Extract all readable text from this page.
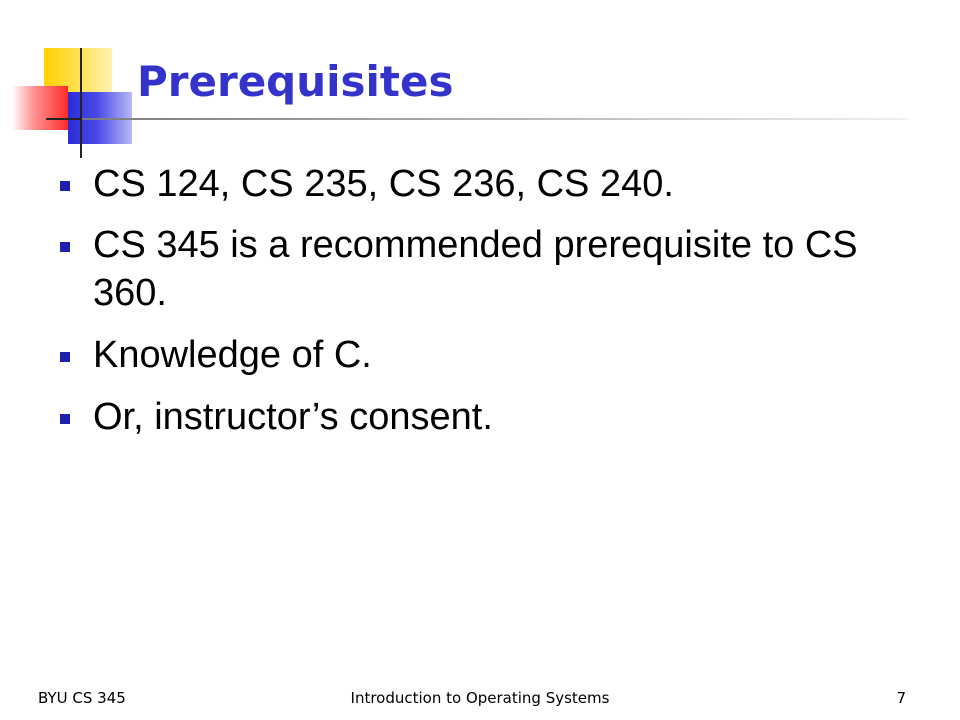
Prerequisites
CS 124, CS 235, CS 236, CS 240.
CS 345 is a recommended prerequisite to CS 360.
Knowledge of C.
Or, instructor’s consent.
BYU CS 345	Introduction to Operating Systems	7
